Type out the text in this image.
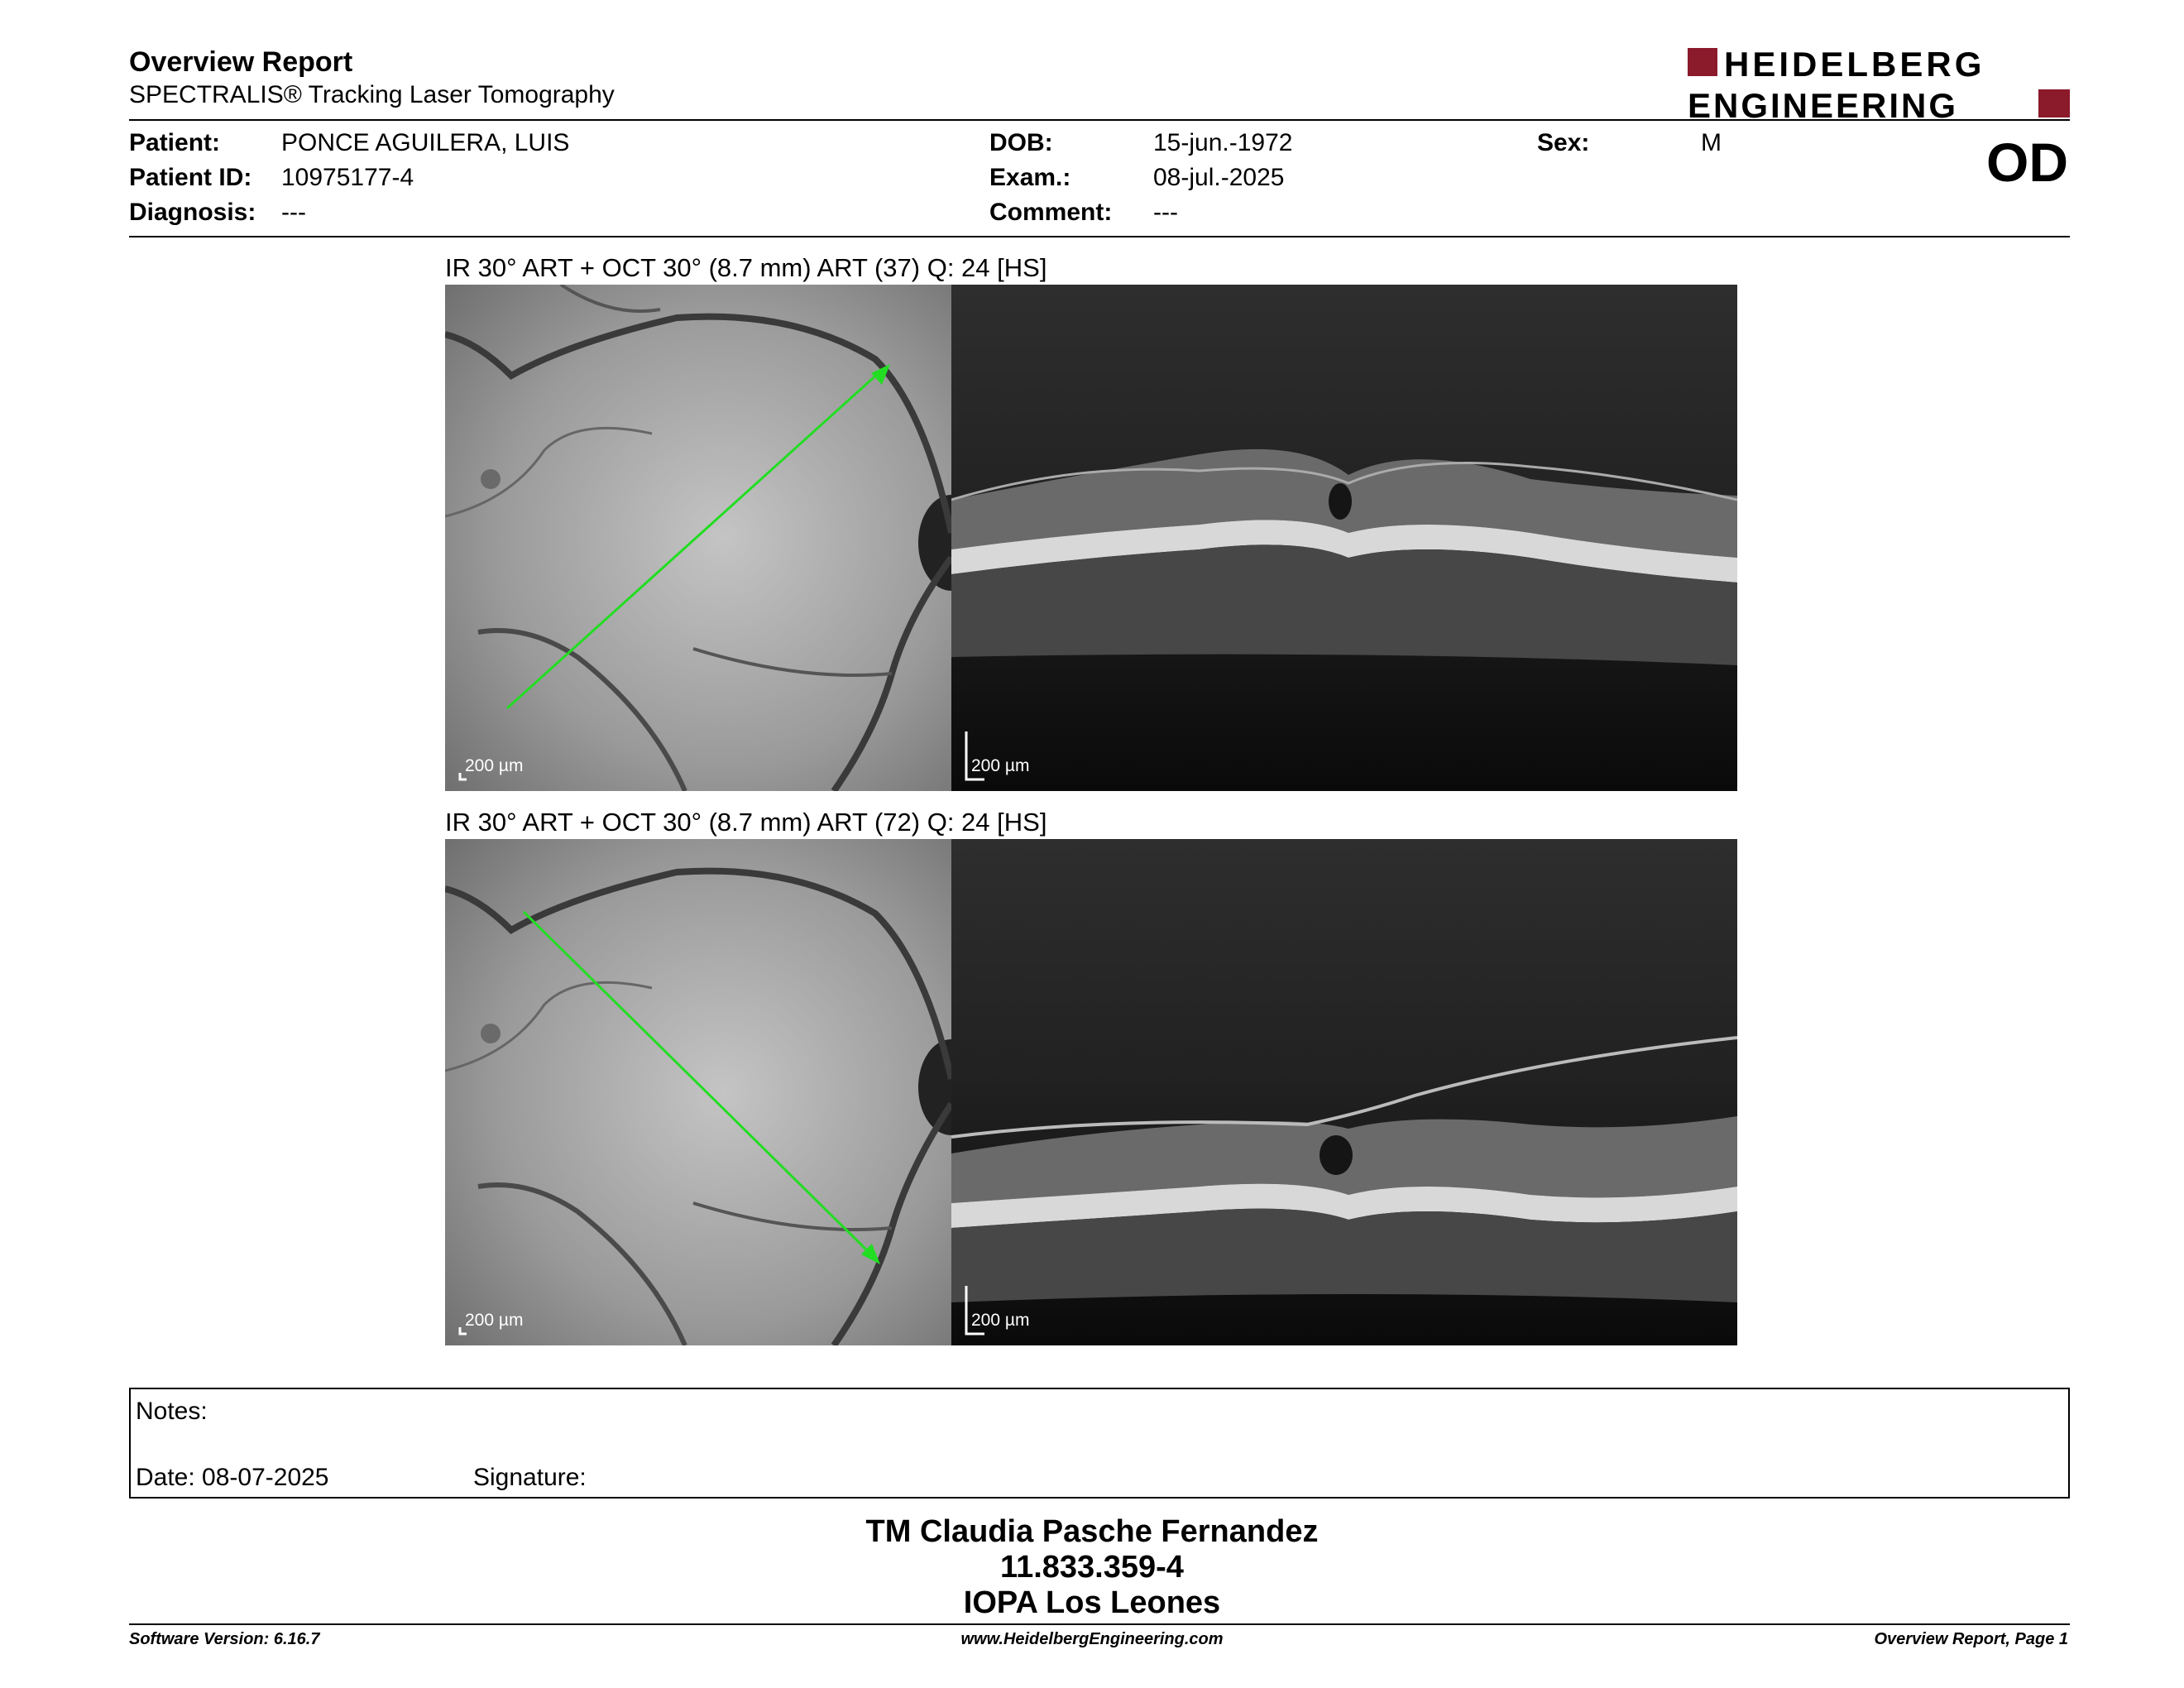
Overview Report
SPECTRALIS® Tracking Laser Tomography
HEIDELBERG
ENGINEERING
Patient: PONCE AGUILERA, LUIS
Patient ID: 10975177-4
Diagnosis: ---
DOB:	15-jun.-1972
Exam.:	08-jul.-2025
Comment: ---
Sex:	M	OD
IR 30° ART + OCT 30° (8.7 mm) ART (37) Q: 24 [HS]
200 µm	200 µm
IR 30° ART + OCT 30° (8.7 mm) ART (72) Q: 24 [HS]
200 µm	200 µm
Notes:
Date: 08-07-2025	Signature:
TM Claudia Pasche Fernandez
11.833.359-4
IOPA Los Leones
Software Version: 6.16.7	www.HeidelbergEngineering.com	Overview Report, Page 1
